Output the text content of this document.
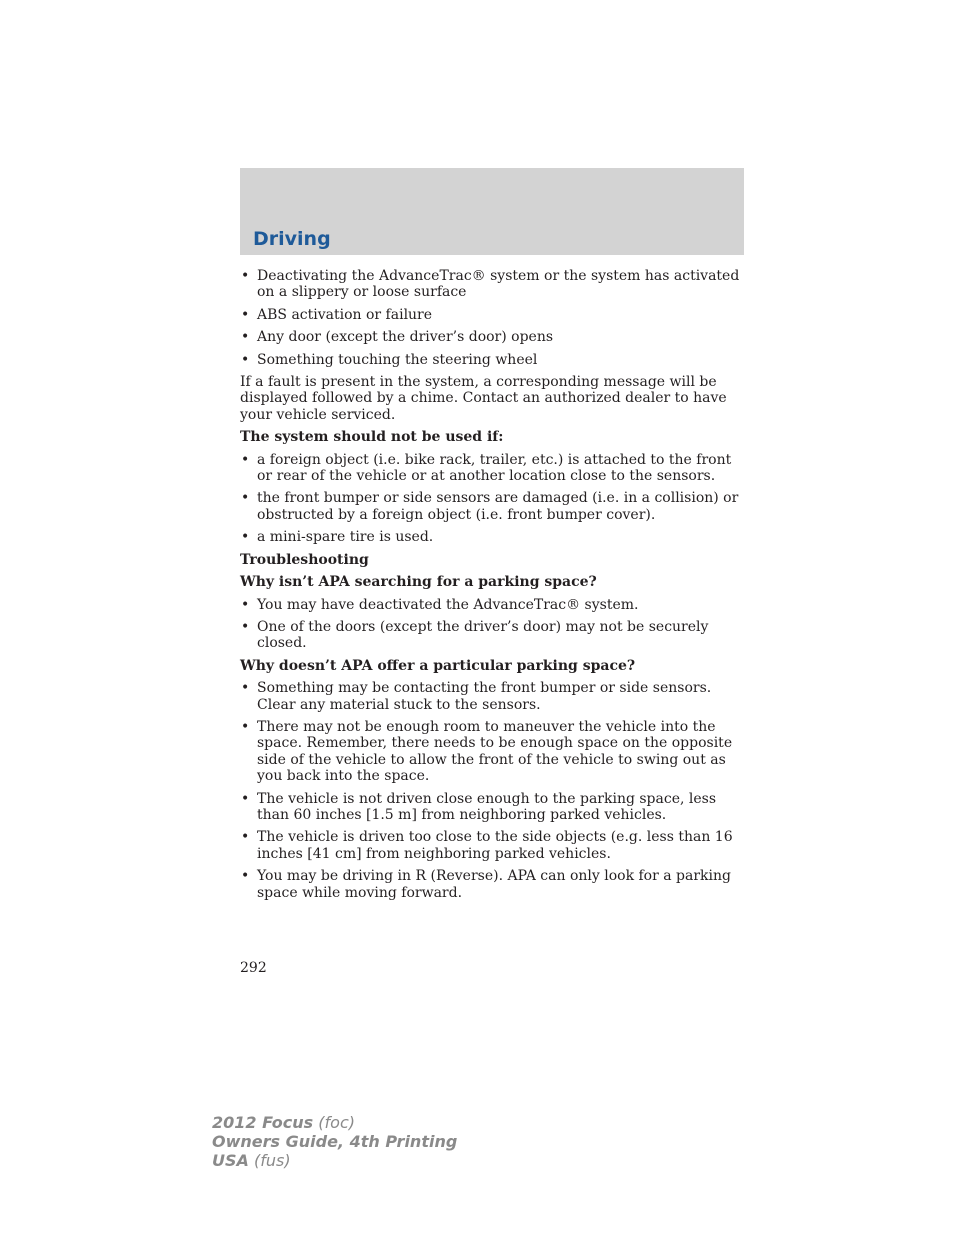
Driving
• Deactivating the AdvanceTrac® system or the system has activated on a slippery or loose surface
• ABS activation or failure
• Any door (except the driver’s door) opens
• Something touching the steering wheel

If a fault is present in the system, a corresponding message will be displayed followed by a chime. Contact an authorized dealer to have your vehicle serviced.

The system should not be used if:

• a foreign object (i.e. bike rack, trailer, etc.) is attached to the front or rear of the vehicle or at another location close to the sensors.
• the front bumper or side sensors are damaged (i.e. in a collision) or obstructed by a foreign object (i.e. front bumper cover).
• a mini-spare tire is used.

Troubleshooting

Why isn’t APA searching for a parking space?

• You may have deactivated the AdvanceTrac® system.
• One of the doors (except the driver’s door) may not be securely closed.

Why doesn’t APA offer a particular parking space?

• Something may be contacting the front bumper or side sensors. Clear any material stuck to the sensors.
• There may not be enough room to maneuver the vehicle into the space. Remember, there needs to be enough space on the opposite side of the vehicle to allow the front of the vehicle to swing out as you back into the space.
• The vehicle is not driven close enough to the parking space, less than 60 inches [1.5 m] from neighboring parked vehicles.
• The vehicle is driven too close to the side objects (e.g. less than 16 inches [41 cm] from neighboring parked vehicles.
• You may be driving in R (Reverse). APA can only look for a parking space while moving forward.
292
2012 Focus (foc)
Owners Guide, 4th Printing
USA (fus)
